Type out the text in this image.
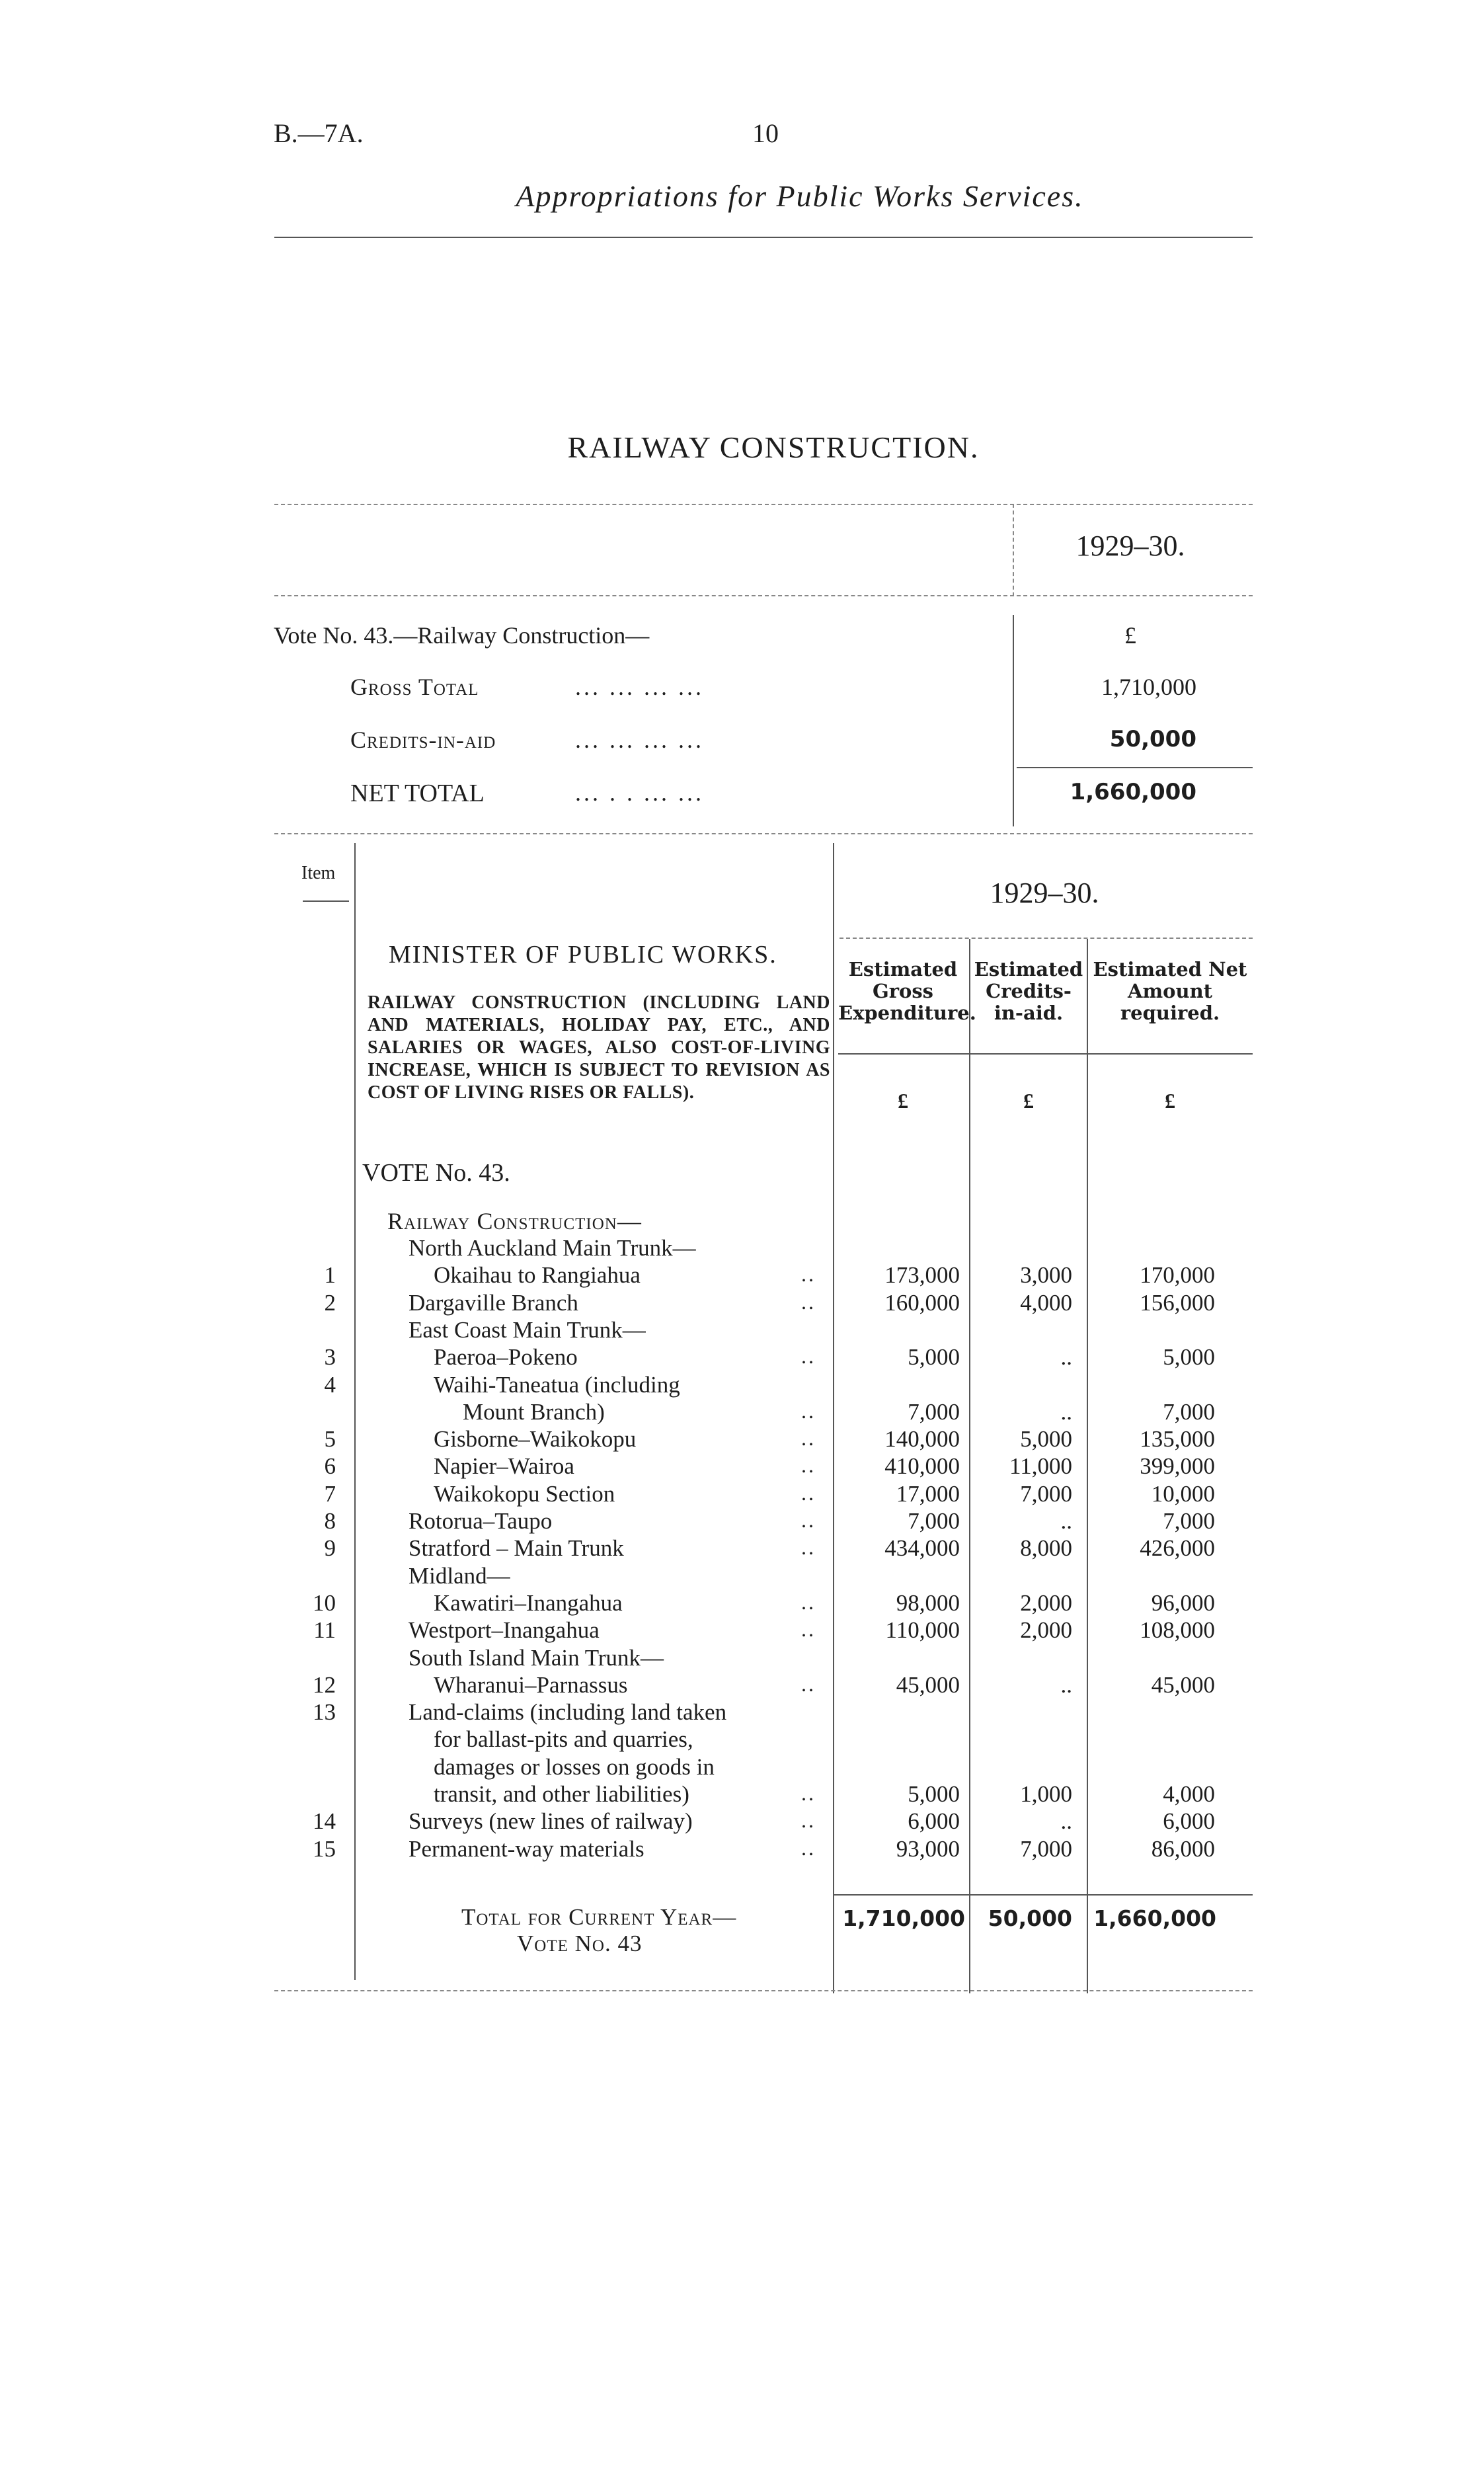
B.—7A.	10
Appropriations for Public Works Services.
RAILWAY CONSTRUCTION.
1929–30.
Vote No. 43.—Railway Construction—	£
Gross Total	... ... ... ...	1,710,000
Credits-in-aid	... ... ... ...	50,000
NET TOTAL	... . . ... ...	1,660,000
Item
1929–30.
Estimated Gross Expenditure.
Estimated Credits-in-aid.
Estimated Net Amount required.
£	£	£
MINISTER OF PUBLIC WORKS.
RAILWAY CONSTRUCTION (INCLUDING LAND AND MATERIALS, HOLIDAY PAY, ETC., AND SALARIES OR WAGES, ALSO COST-OF-LIVING INCREASE, WHICH IS SUBJECT TO REVISION AS COST OF LIVING RISES OR FALLS).
VOTE No. 43.
Railway Construction—
North Auckland Main Trunk—
1	Okaihau to Rangiahua	..	173,000	3,000	170,000
2	Dargaville Branch	..	160,000	4,000	156,000
East Coast Main Trunk—
3	Paeroa–Pokeno	..	5,000	..	5,000
4	Waihi-Taneatua (including
Mount Branch)	..	7,000	..	7,000
5	Gisborne–Waikokopu	..	140,000	5,000	135,000
6	Napier–Wairoa	..	410,000	11,000	399,000
7	Waikokopu Section	..	17,000	7,000	10,000
8	Rotorua–Taupo	..	7,000	..	7,000
9	Stratford – Main Trunk	..	434,000	8,000	426,000
Midland—
10	Kawatiri–Inangahua	..	98,000	2,000	96,000
11	Westport–Inangahua	..	110,000	2,000	108,000
South Island Main Trunk—
12	Wharanui–Parnassus	..	45,000	..	45,000
13	Land-claims (including land taken
for ballast-pits and quarries,
damages or losses on goods in
transit, and other liabilities)	..	5,000	1,000	4,000
14	Surveys (new lines of railway)	..	6,000	..	6,000
15	Permanent-way materials	..	93,000	7,000	86,000
Total for Current Year—
Vote No. 43
1,710,000	50,000 1,660,000
